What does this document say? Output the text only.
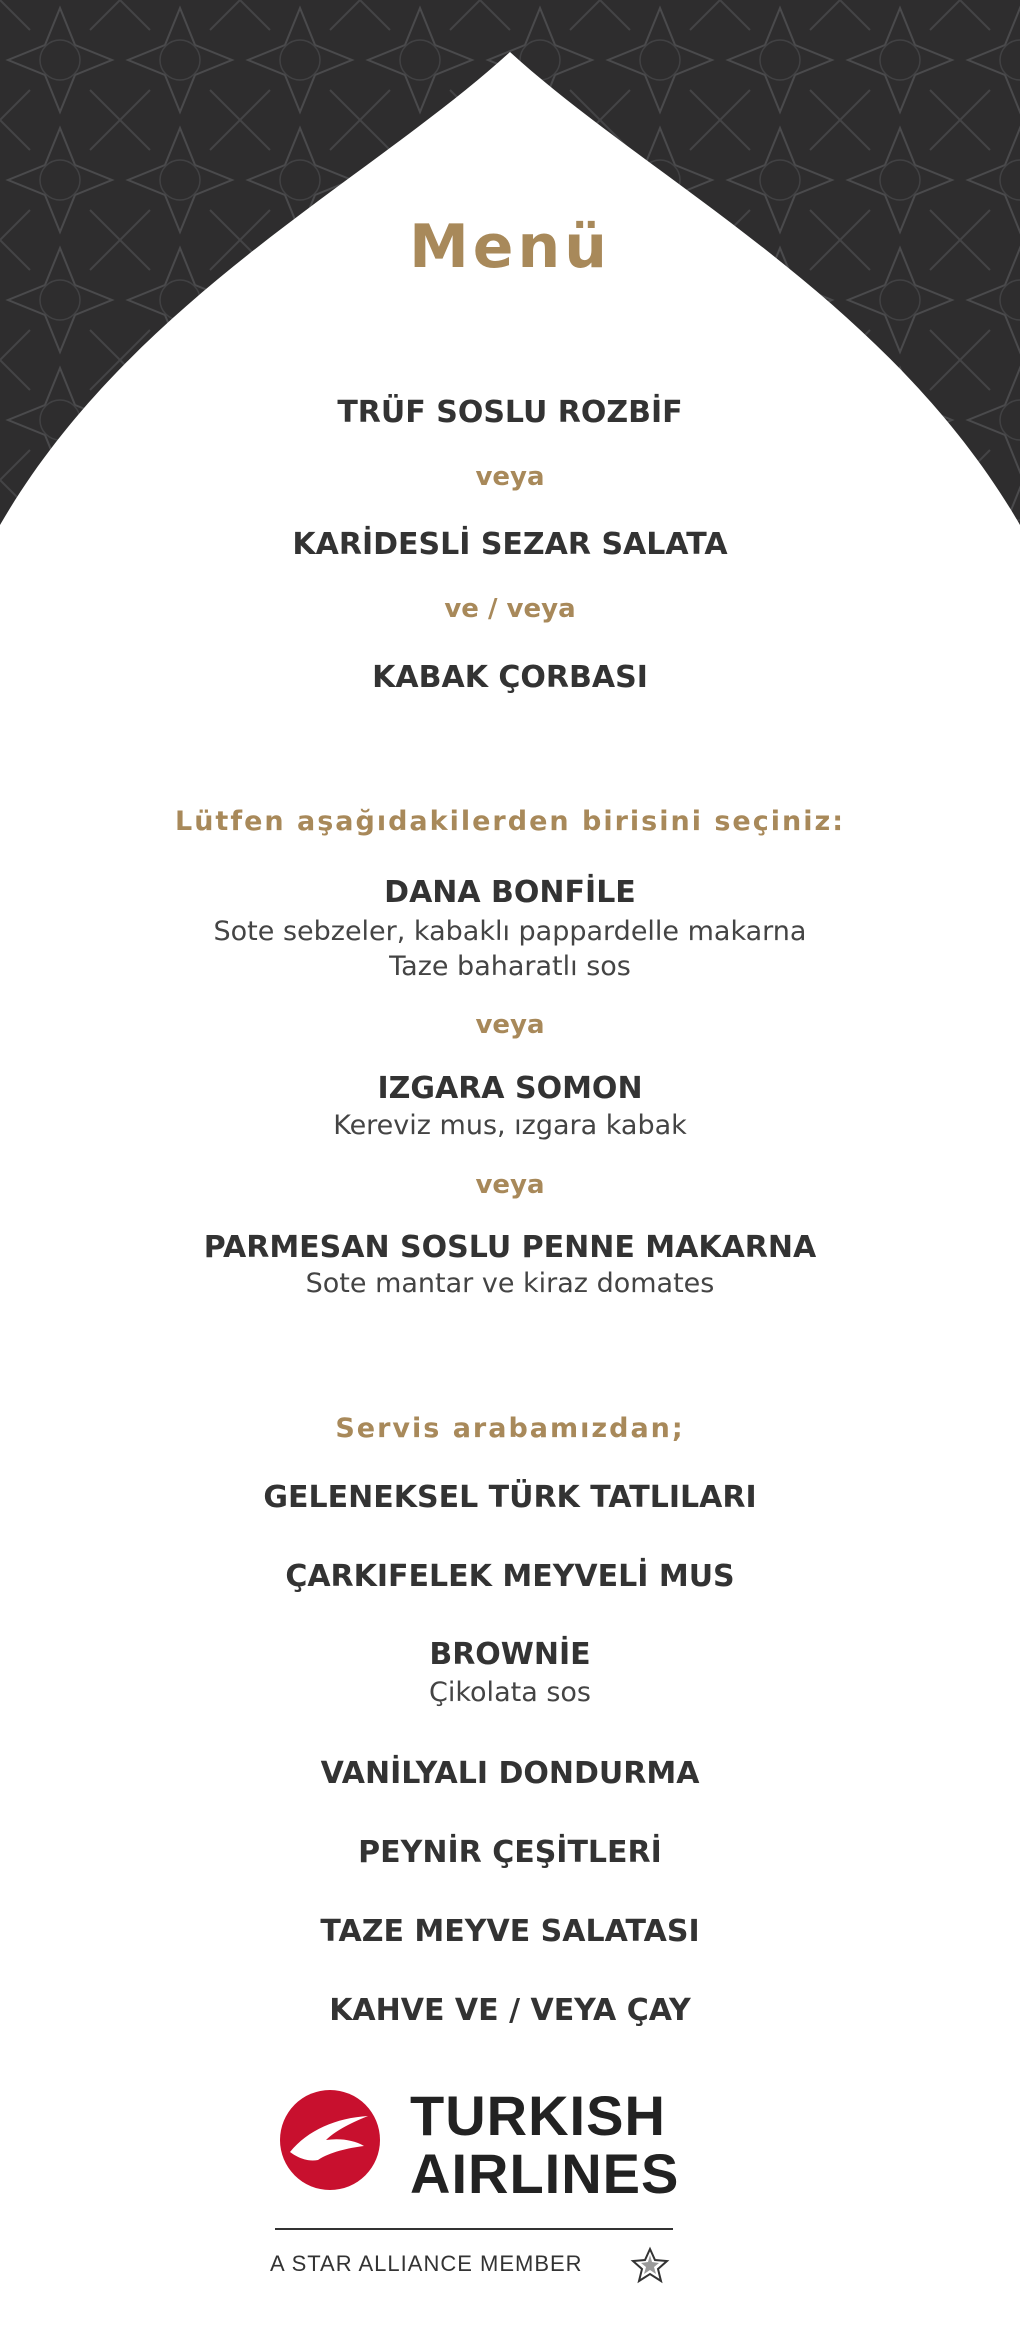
Menü
TRÜF SOSLU ROZBİF
veya
KARİDESLİ SEZAR SALATA
ve / veya
KABAK ÇORBASI
Lütfen aşağıdakilerden birisini seçiniz:
DANA BONFİLE
Sote sebzeler, kabaklı pappardelle makarna
Taze baharatlı sos
veya
IZGARA SOMON
Kereviz mus, ızgara kabak
veya
PARMESAN SOSLU PENNE MAKARNA
Sote mantar ve kiraz domates
Servis arabamızdan;
GELENEKSEL TÜRK TATLILARI
ÇARKIFELEK MEYVELİ MUS
BROWNİE
Çikolata sos
VANİLYALI DONDURMA
PEYNİR ÇEŞİTLERİ
TAZE MEYVE SALATASI
KAHVE VE / VEYA ÇAY
TURKISH
AIRLINES
A STAR ALLIANCE MEMBER
